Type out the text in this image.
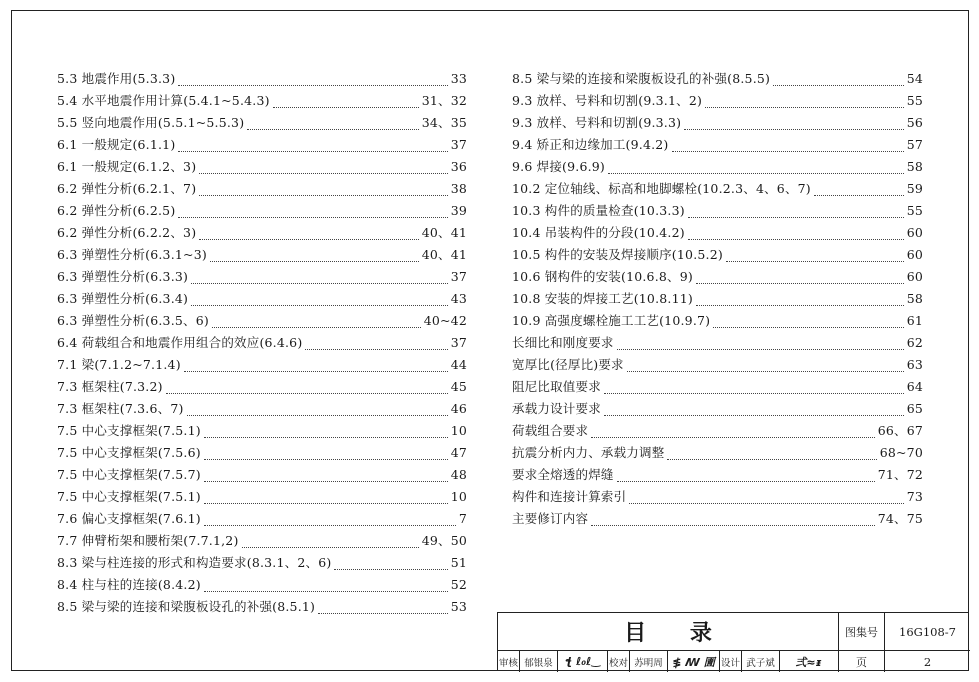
5.3 地震作用(5.3.3)	33
5.4 水平地震作用计算(5.4.1~5.4.3)	31、32
5.5 竖向地震作用(5.5.1~5.5.3)	34、35
6.1 一般规定(6.1.1)	37
6.1 一般规定(6.1.2、3)	36
6.2 弹性分析(6.2.1、7)	38
6.2 弹性分析(6.2.5)	39
6.2 弹性分析(6.2.2、3)	40、41
6.3 弹塑性分析(6.3.1~3)	40、41
6.3 弹塑性分析(6.3.3)	37
6.3 弹塑性分析(6.3.4)	43
6.3 弹塑性分析(6.3.5、6)	40~42
6.4 荷载组合和地震作用组合的效应(6.4.6)	37
7.1 梁(7.1.2~7.1.4)	44
7.3 框架柱(7.3.2)	45
7.3 框架柱(7.3.6、7)	46
7.5 中心支撑框架(7.5.1)	10
7.5 中心支撑框架(7.5.6)	47
7.5 中心支撑框架(7.5.7)	48
7.5 中心支撑框架(7.5.1)	10
7.6 偏心支撑框架(7.6.1)	7
7.7 伸臂桁架和腰桁架(7.7.1,2)	49、50
8.3 梁与柱连接的形式和构造要求(8.3.1、2、6)	51
8.4 柱与柱的连接(8.4.2)	52
8.5 梁与梁的连接和梁腹板设孔的补强(8.5.1)	53
8.5 梁与梁的连接和梁腹板设孔的补强(8.5.5)	54
9.3 放样、号料和切割(9.3.1、2)	55
9.3 放样、号料和切割(9.3.3)	56
9.4 矫正和边缘加工(9.4.2)	57
9.6 焊接(9.6.9)	58
10.2 定位轴线、标高和地脚螺栓(10.2.3、4、6、7)	59
10.3 构件的质量检查(10.3.3)	55
10.4 吊装构件的分段(10.4.2)	60
10.5 构件的安装及焊接顺序(10.5.2)	60
10.6 钢构件的安装(10.6.8、9)	60
10.8 安装的焊接工艺(10.8.11)	58
10.9 高强度螺栓施工工艺(10.9.7)	61
长细比和刚度要求	62
宽厚比(径厚比)要求	63
阻尼比取值要求	64
承载力设计要求	65
荷载组合要求	66、67
抗震分析内力、承载力调整	68~70
要求全熔透的焊缝	71、72
构件和连接计算索引	73
主要修订内容	74、75
目 录	图集号	16G108-7
审核 郁银泉	ꞎ ℓ₀ℓ‿ 校对 苏明周 ≸ ꟿ 圊 设计 武子斌	弍≈ᵻ	页	2
